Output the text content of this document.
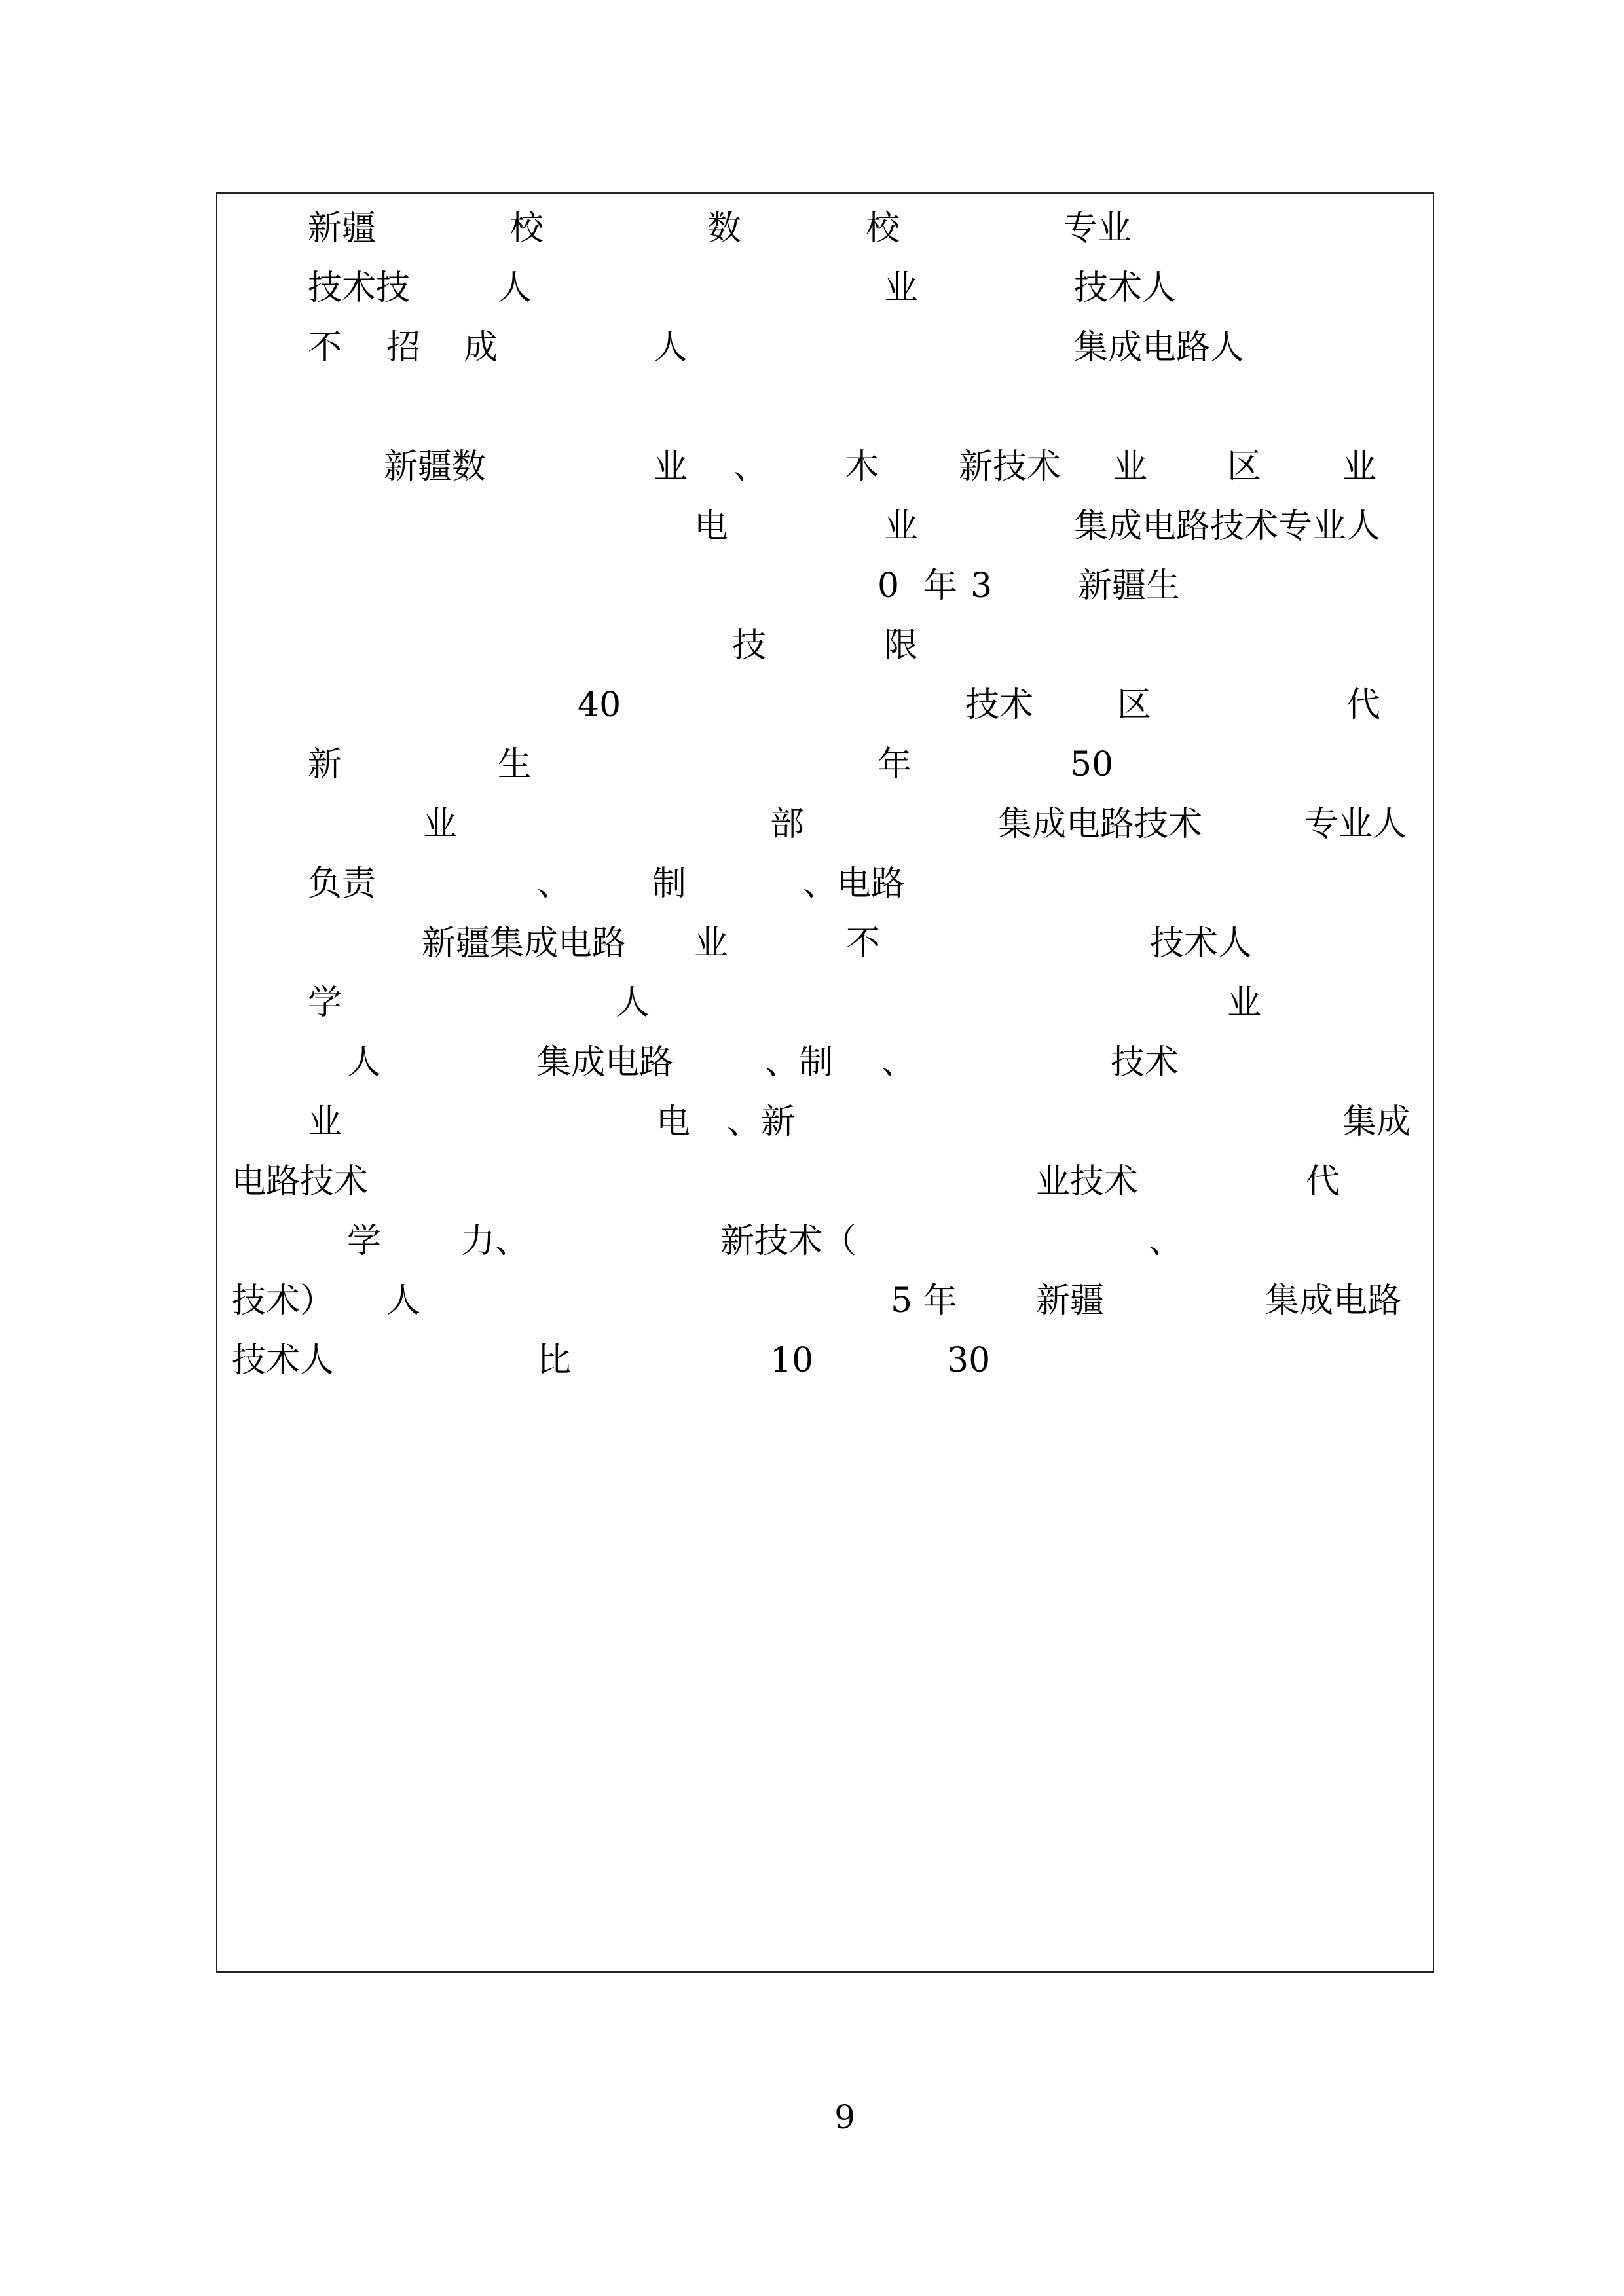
新疆	校	数	校	专业
技术技	人	业	技术人
不 招 成	人	集成电路人
新疆数	业 、 木 新技术 业 区 业
电	业	集成电路技术专业人
0 年 3	新疆生
技	限
40	技术 区	代
新	生	年	50
业	部	集成电路技术	专业人
负责	、 制	、电路
新疆集成电路 业	不	技术人
学	人	业
人	集成电路	、制 、	技术
业	电 、新	集成
电路技术	业技术	代
学 力、	新技术（	、
技术） 人	5 年 新疆	集成电路
技术人	比	10	30
9
